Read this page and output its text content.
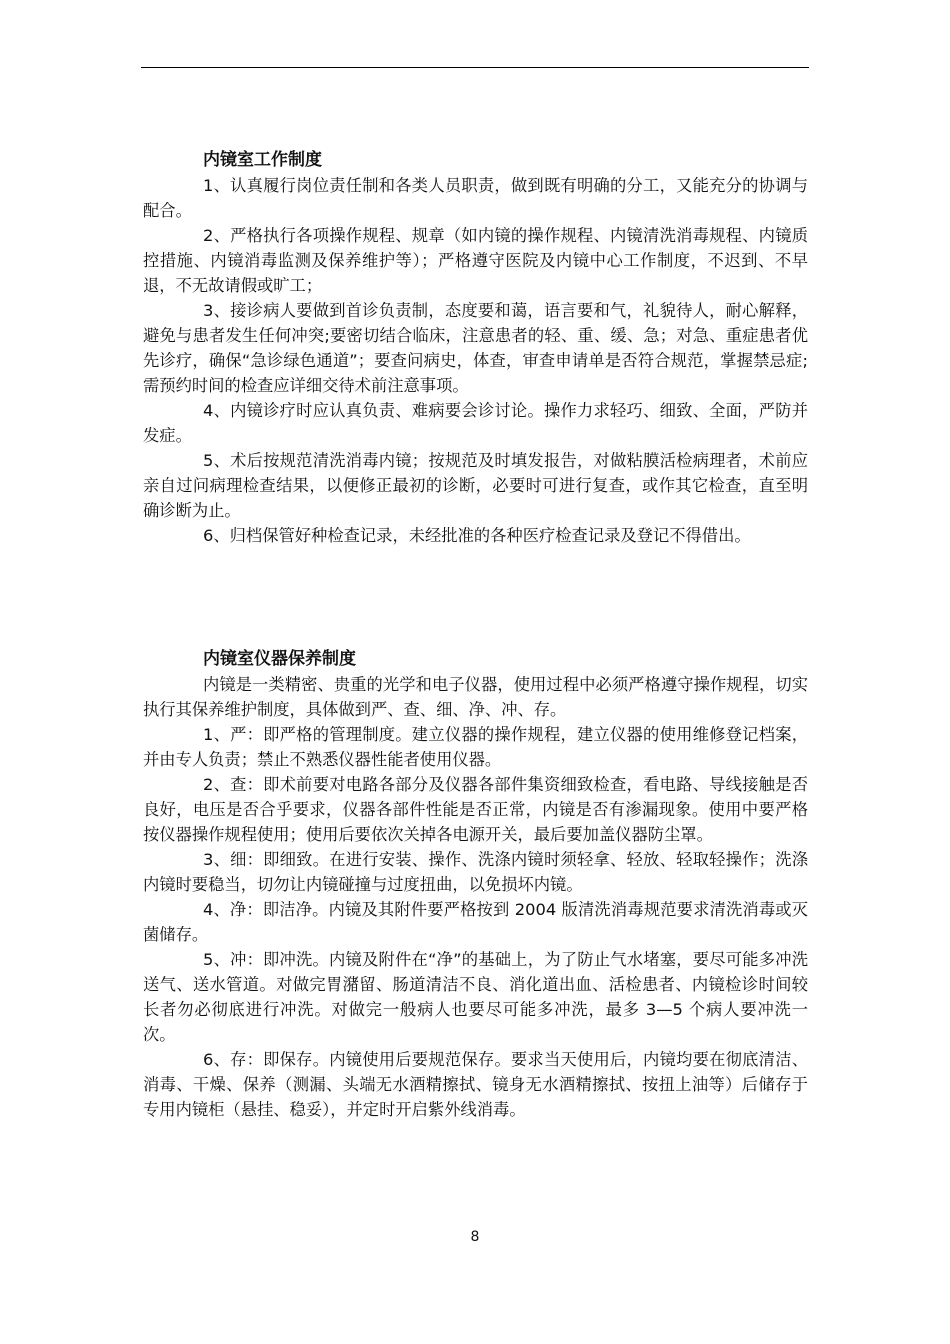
内镜室工作制度

1、认真履行岗位责任制和各类人员职责，做到既有明确的分工，又能充分的协调与配合。

2、严格执行各项操作规程、规章（如内镜的操作规程、内镜清洗消毒规程、内镜质控措施、内镜消毒监测及保养维护等）；严格遵守医院及内镜中心工作制度，不迟到、不早退，不无故请假或旷工；

3、接诊病人要做到首诊负责制，态度要和蔼，语言要和气，礼貌待人，耐心解释，避免与患者发生任何冲突;要密切结合临床，注意患者的轻、重、缓、急；对急、重症患者优先诊疗，确保“急诊绿色通道”；要查问病史，体查，审查申请单是否符合规范，掌握禁忌症;需预约时间的检查应详细交待术前注意事项。

4、内镜诊疗时应认真负责、难病要会诊讨论。操作力求轻巧、细致、全面，严防并发症。

5、术后按规范清洗消毒内镜；按规范及时填发报告，对做粘膜活检病理者，术前应亲自过问病理检查结果，以便修正最初的诊断，必要时可进行复查，或作其它检查，直至明确诊断为止。

6、归档保管好种检查记录，未经批准的各种医疗检查记录及登记不得借出。

内镜室仪器保养制度

内镜是一类精密、贵重的光学和电子仪器，使用过程中必须严格遵守操作规程，切实执行其保养维护制度，具体做到严、查、细、净、冲、存。

1、严：即严格的管理制度。建立仪器的操作规程，建立仪器的使用维修登记档案，并由专人负责；禁止不熟悉仪器性能者使用仪器。

2、查：即术前要对电路各部分及仪器各部件集资细致检查，看电路、导线接触是否良好，电压是否合乎要求，仪器各部件性能是否正常，内镜是否有渗漏现象。使用中要严格按仪器操作规程使用；使用后要依次关掉各电源开关，最后要加盖仪器防尘罩。

3、细：即细致。在进行安装、操作、洗涤内镜时须轻拿、轻放、轻取轻操作；洗涤内镜时要稳当，切勿让内镜碰撞与过度扭曲，以免损坏内镜。

4、净：即洁净。内镜及其附件要严格按到 2004 版清洗消毒规范要求清洗消毒或灭菌储存。

5、冲：即冲洗。内镜及附件在“净”的基础上，为了防止气水堵塞，要尽可能多冲洗送气、送水管道。对做完胃潴留、肠道清洁不良、消化道出血、活检患者、内镜检诊时间较长者勿必彻底进行冲洗。对做完一般病人也要尽可能多冲洗，最多 3—5 个病人要冲洗一次。

6、存：即保存。内镜使用后要规范保存。要求当天使用后，内镜均要在彻底清洁、消毒、干燥、保养（测漏、头端无水酒精擦拭、镜身无水酒精擦拭、按扭上油等）后储存于专用内镜柜（悬挂、稳妥），并定时开启紫外线消毒。

8
